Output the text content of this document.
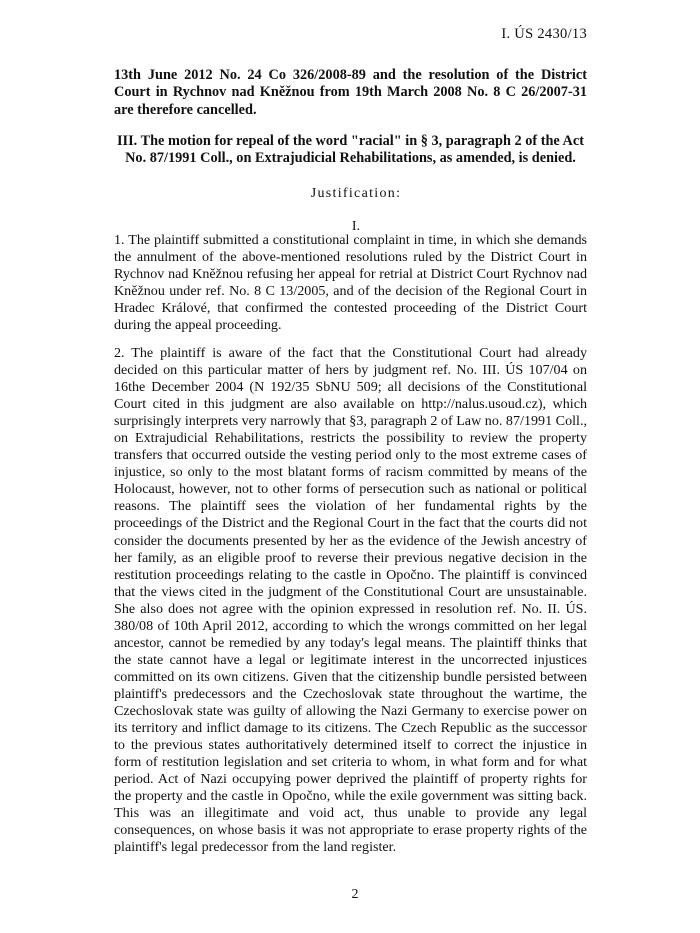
I. ÚS 2430/13
13th June 2012 No. 24 Co 326/2008-89 and the resolution of the District Court in Rychnov nad Kněžnou from 19th March 2008 No. 8 C 26/2007-31 are therefore cancelled.
III. The motion for repeal of the word "racial" in § 3, paragraph 2 of the Act No. 87/1991 Coll., on Extrajudicial Rehabilitations, as amended, is denied.
Justification:
I.
1. The plaintiff submitted a constitutional complaint in time, in which she demands the annulment of the above-mentioned resolutions ruled by the District Court in Rychnov nad Kněžnou refusing her appeal for retrial at District Court Rychnov nad Kněžnou under ref. No. 8 C 13/2005, and of the decision of the Regional Court in Hradec Králové, that confirmed the contested proceeding of the District Court during the appeal proceeding.
2. The plaintiff is aware of the fact that the Constitutional Court had already decided on this particular matter of hers by judgment ref. No. III. ÚS 107/04 on 16the December 2004 (N 192/35 SbNU 509; all decisions of the Constitutional Court cited in this judgment are also available on http://nalus.usoud.cz), which surprisingly interprets very narrowly that §3, paragraph 2 of Law no. 87/1991 Coll., on Extrajudicial Rehabilitations, restricts the possibility to review the property transfers that occurred outside the vesting period only to the most extreme cases of injustice, so only to the most blatant forms of racism committed by means of the Holocaust, however, not to other forms of persecution such as national or political reasons. The plaintiff sees the violation of her fundamental rights by the proceedings of the District and the Regional Court in the fact that the courts did not consider the documents presented by her as the evidence of the Jewish ancestry of her family, as an eligible proof to reverse their previous negative decision in the restitution proceedings relating to the castle in Opočno. The plaintiff is convinced that the views cited in the judgment of the Constitutional Court are unsustainable. She also does not agree with the opinion expressed in resolution ref. No. II. ÚS. 380/08 of 10th April 2012, according to which the wrongs committed on her legal ancestor, cannot be remedied by any today's legal means. The plaintiff thinks that the state cannot have a legal or legitimate interest in the uncorrected injustices committed on its own citizens. Given that the citizenship bundle persisted between plaintiff's predecessors and the Czechoslovak state throughout the wartime, the Czechoslovak state was guilty of allowing the Nazi Germany to exercise power on its territory and inflict damage to its citizens. The Czech Republic as the successor to the previous states authoritatively determined itself to correct the injustice in form of restitution legislation and set criteria to whom, in what form and for what period. Act of Nazi occupying power deprived the plaintiff of property rights for the property and the castle in Opočno, while the exile government was sitting back. This was an illegitimate and void act, thus unable to provide any legal consequences, on whose basis it was not appropriate to erase property rights of the plaintiff's legal predecessor from the land register.
2
